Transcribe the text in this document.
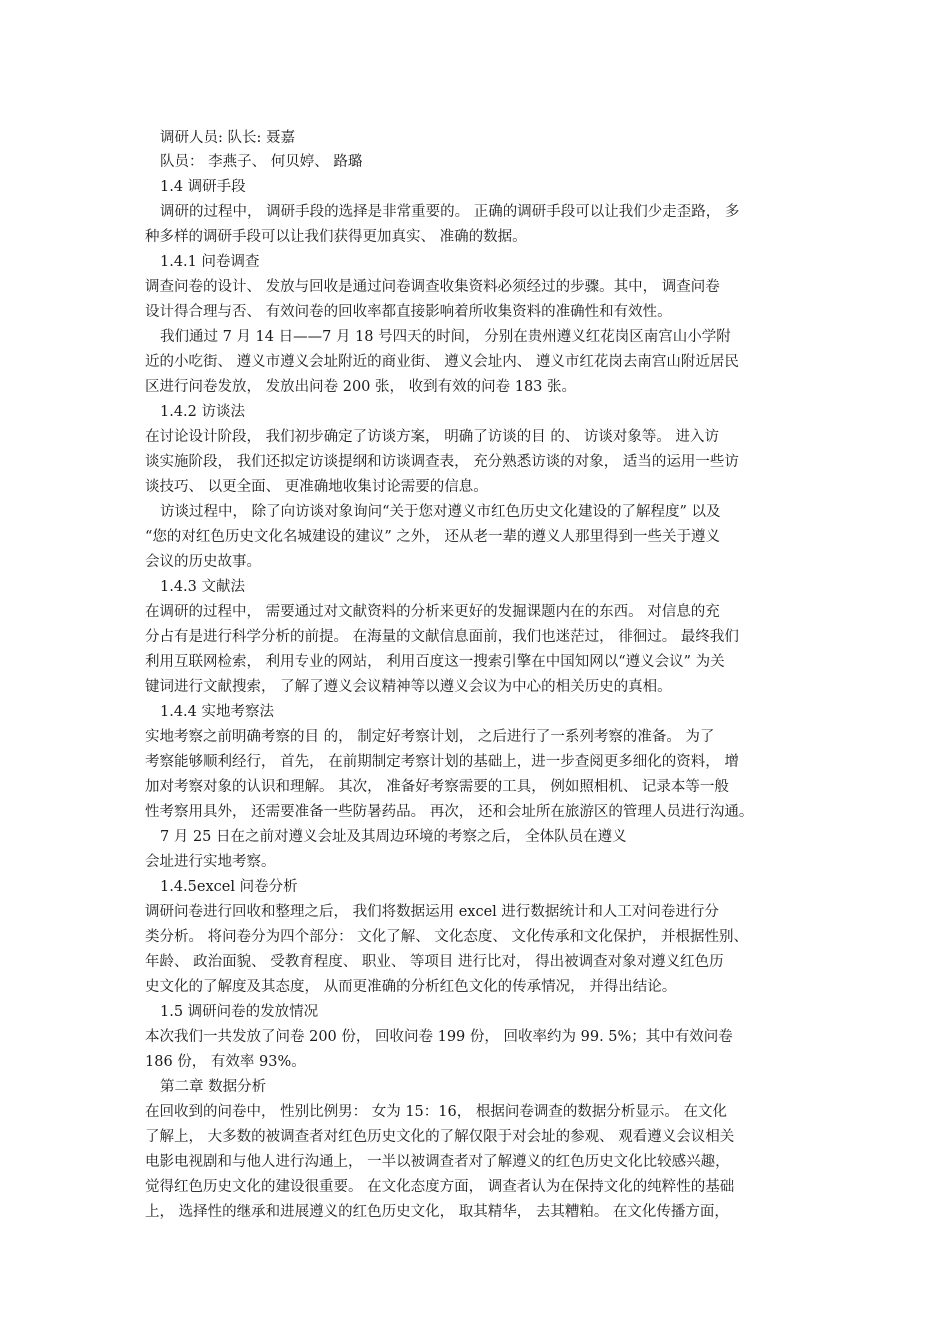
调研人员: 队长: 聂嘉
队员： 李燕子、 何贝婷、 路璐
1.4 调研手段
调研的过程中， 调研手段的选择是非常重要的。 正确的调研手段可以让我们少走歪路， 多
种多样的调研手段可以让我们获得更加真实、 准确的数据。
1.4.1 问卷调查
调查问卷的设计、 发放与回收是通过问卷调查收集资料必须经过的步骤。其中， 调查问卷
设计得合理与否、 有效问卷的回收率都直接影响着所收集资料的准确性和有效性。
我们通过 7 月 14 日——7 月 18 号四天的时间， 分别在贵州遵义红花岗区南宫山小学附
近的小吃街、 遵义市遵义会址附近的商业街、 遵义会址内、 遵义市红花岗去南宫山附近居民
区进行问卷发放， 发放出问卷 200 张， 收到有效的问卷 183 张。
1.4.2 访谈法
在讨论设计阶段， 我们初步确定了访谈方案， 明确了访谈的目 的、 访谈对象等。 进入访
谈实施阶段， 我们还拟定访谈提纲和访谈调查表， 充分熟悉访谈的对象， 适当的运用一些访
谈技巧、 以更全面、 更准确地收集讨论需要的信息。
访谈过程中， 除了向访谈对象询问“关于您对遵义市红色历史文化建设的了解程度” 以及
“您的对红色历史文化名城建设的建议” 之外， 还从老一辈的遵义人那里得到一些关于遵义
会议的历史故事。
1.4.3 文献法
在调研的过程中， 需要通过对文献资料的分析来更好的发掘课题内在的东西。 对信息的充
分占有是进行科学分析的前提。 在海量的文献信息面前，我们也迷茫过， 徘徊过。 最终我们
利用互联网检索， 利用专业的网站， 利用百度这一搜索引擎在中国知网以“遵义会议” 为关
键词进行文献搜索， 了解了遵义会议精神等以遵义会议为中心的相关历史的真相。
1.4.4 实地考察法
实地考察之前明确考察的目 的， 制定好考察计划， 之后进行了一系列考察的准备。 为了
考察能够顺利经行， 首先， 在前期制定考察计划的基础上，进一步查阅更多细化的资料， 增
加对考察对象的认识和理解。 其次， 准备好考察需要的工具， 例如照相机、 记录本等一般
性考察用具外， 还需要准备一些防暑药品。 再次， 还和会址所在旅游区的管理人员进行沟通。
7 月 25 日在之前对遵义会址及其周边环境的考察之后， 全体队员在遵义
会址进行实地考察。
1.4.5excel 问卷分析
调研问卷进行回收和整理之后， 我们将数据运用 excel 进行数据统计和人工对问卷进行分
类分析。 将问卷分为四个部分： 文化了解、 文化态度、 文化传承和文化保护， 并根据性别、
年龄、 政治面貌、 受教育程度、 职业、 等项目 进行比对， 得出被调查对象对遵义红色历
史文化的了解度及其态度， 从而更准确的分析红色文化的传承情况， 并得出结论。
1.5 调研问卷的发放情况
本次我们一共发放了问卷 200 份， 回收问卷 199 份， 回收率约为 99. 5%；其中有效问卷
186 份， 有效率 93%。
第二章 数据分析
在回收到的问卷中， 性别比例男： 女为 15：16， 根据问卷调查的数据分析显示。 在文化
了解上， 大多数的被调查者对红色历史文化的了解仅限于对会址的参观、 观看遵义会议相关
电影电视剧和与他人进行沟通上， 一半以被调查者对了解遵义的红色历史文化比较感兴趣，
觉得红色历史文化的建设很重要。 在文化态度方面， 调查者认为在保持文化的纯粹性的基础
上， 选择性的继承和进展遵义的红色历史文化， 取其精华， 去其糟粕。 在文化传播方面，
